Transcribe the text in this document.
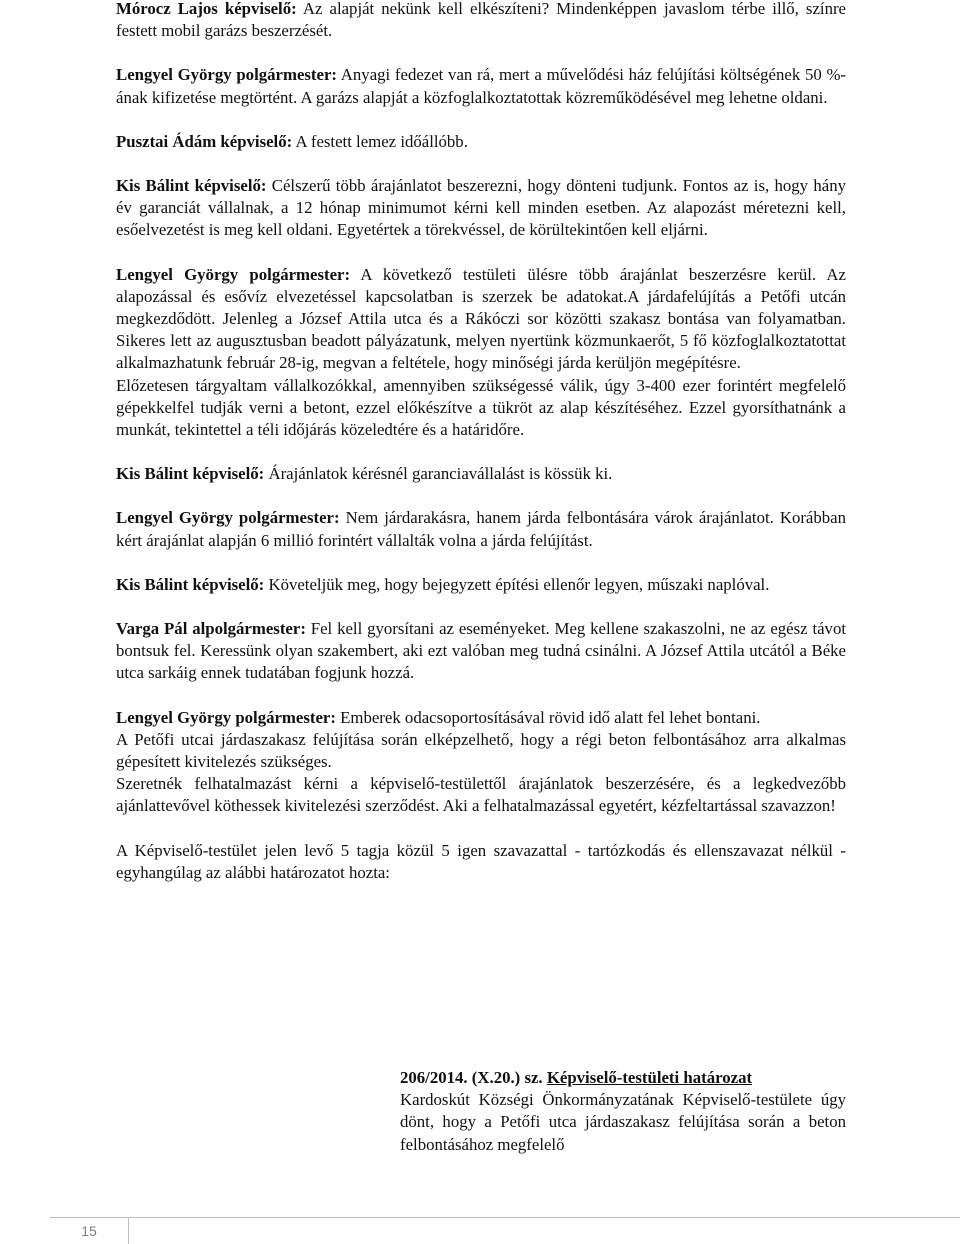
Mórocz Lajos képviselő: Az alapját nekünk kell elkészíteni? Mindenképpen javaslom térbe illő, színre festett mobil garázs beszerzését.

Lengyel György polgármester: Anyagi fedezet van rá, mert a művelődési ház felújítási költségének 50 %-ának kifizetése megtörtént. A garázs alapját a közfoglalkoztatottak közreműködésével meg lehetne oldani.

Pusztai Ádám képviselő: A festett lemez időállóbb.

Kis Bálint képviselő: Célszerű több árajánlatot beszerezni, hogy dönteni tudjunk. Fontos az is, hogy hány év garanciát vállalnak, a 12 hónap minimumot kérni kell minden esetben. Az alapozást méretezni kell, esőelvezetést is meg kell oldani. Egyetértek a törekvéssel, de körültekintően kell eljárni.

Lengyel György polgármester: A következő testületi ülésre több árajánlat beszerzésre kerül. Az alapozással és esővíz elvezetéssel kapcsolatban is szerzek be adatokat.A járdafelújítás a Petőfi utcán megkezdődött. Jelenleg a József Attila utca és a Rákóczi sor közötti szakasz bontása van folyamatban. Sikeres lett az augusztusban beadott pályázatunk, melyen nyertünk közmunkaerőt, 5 fő közfoglalkoztatottat alkalmazhatunk február 28-ig, megvan a feltétele, hogy minőségi járda kerüljön megépítésre.

Előzetesen tárgyaltam vállalkozókkal, amennyiben szükségessé válik, úgy 3-400 ezer forintért megfelelő gépekkelfel tudják verni a betont, ezzel előkészítve a tükröt az alap készítéséhez. Ezzel gyorsíthatnánk a munkát, tekintettel a téli időjárás közeledtére és a határidőre.

Kis Bálint képviselő: Árajánlatok kérésnél garanciavállalást is kössük ki.

Lengyel György polgármester: Nem járdarakásra, hanem járda felbontására várok árajánlatot. Korábban kért árajánlat alapján 6 millió forintért vállalták volna a járda felújítást.

Kis Bálint képviselő: Követeljük meg, hogy bejegyzett építési ellenőr legyen, műszaki naplóval.

Varga Pál alpolgármester: Fel kell gyorsítani az eseményeket. Meg kellene szakaszolni, ne az egész távot bontsuk fel. Keressünk olyan szakembert, aki ezt valóban meg tudná csinálni. A József Attila utcától a Béke utca sarkáig ennek tudatában fogjunk hozzá.

Lengyel György polgármester: Emberek odacsoportosításával rövid idő alatt fel lehet bontani.

A Petőfi utcai járdaszakasz felújítása során elképzelhető, hogy a régi beton felbontásához arra alkalmas gépesített kivitelezés szükséges.

Szeretnék felhatalmazást kérni a képviselő-testülettől árajánlatok beszerzésére, és a legkedvezőbb ajánlattevővel köthessek kivitelezési szerződést. Aki a felhatalmazással egyetért, kézfeltartással szavazzon!

A Képviselő-testület jelen levő 5 tagja közül 5 igen szavazattal - tartózkodás és ellenszavazat nélkül - egyhangúlag az alábbi határozatot hozta:

206/2014. (X.20.) sz. Képviselő-testületi határozat
Kardoskút Községi Önkormányzatának Képviselő-testülete úgy dönt, hogy a Petőfi utca járdaszakasz felújítása során a beton felbontásához megfelelő
15
